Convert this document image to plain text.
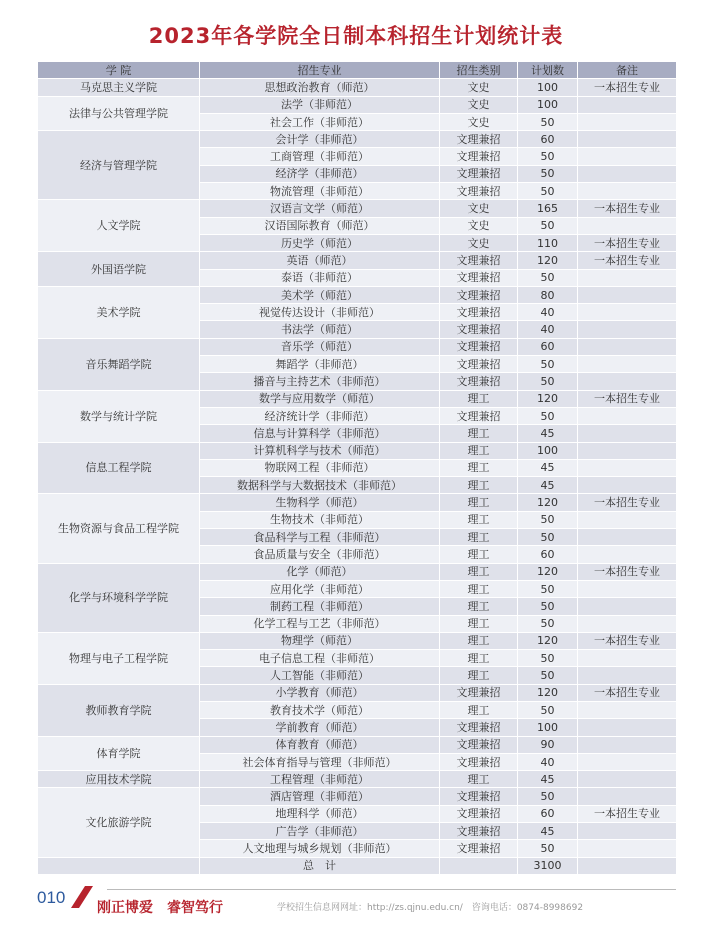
2023年各学院全日制本科招生计划统计表
学 院	招生专业	招生类别	计划数	备注
马克思主义学院	思想政治教育（师范）	文史	100	一本招生专业
法律与公共管理学院	法学（非师范）	文史	100	
	社会工作（非师范）	文史	50	
经济与管理学院	会计学（非师范）	文理兼招	60	
	工商管理（非师范）	文理兼招	50	
	经济学（非师范）	文理兼招	50	
	物流管理（非师范）	文理兼招	50	
人文学院	汉语言文学（师范）	文史	165	一本招生专业
	汉语国际教育（师范）	文史	50	
	历史学（师范）	文史	110	一本招生专业
外国语学院	英语（师范）	文理兼招	120	一本招生专业
	泰语（非师范）	文理兼招	50	
美术学院	美术学（师范）	文理兼招	80	
	视觉传达设计（非师范）	文理兼招	40	
	书法学（师范）	文理兼招	40	
音乐舞蹈学院	音乐学（师范）	文理兼招	60	
	舞蹈学（非师范）	文理兼招	50	
	播音与主持艺术（非师范）	文理兼招	50	
数学与统计学院	数学与应用数学（师范）	理工	120	一本招生专业
	经济统计学（非师范）	文理兼招	50	
	信息与计算科学（非师范）	理工	45	
信息工程学院	计算机科学与技术（师范）	理工	100	
	物联网工程（非师范）	理工	45	
	数据科学与大数据技术（非师范）	理工	45	
生物资源与食品工程学院	生物科学（师范）	理工	120	一本招生专业
	生物技术（非师范）	理工	50	
	食品科学与工程（非师范）	理工	50	
	食品质量与安全（非师范）	理工	60	
化学与环境科学学院	化学（师范）	理工	120	一本招生专业
	应用化学（非师范）	理工	50	
	制药工程（非师范）	理工	50	
	化学工程与工艺（非师范）	理工	50	
物理与电子工程学院	物理学（师范）	理工	120	一本招生专业
	电子信息工程（非师范）	理工	50	
	人工智能（非师范）	理工	50	
教师教育学院	小学教育（师范）	文理兼招	120	一本招生专业
	教育技术学（师范）	理工	50	
	学前教育（师范）	文理兼招	100	
体育学院	体育教育（师范）	文理兼招	90	
	社会体育指导与管理（非师范）	文理兼招	40	
应用技术学院	工程管理（非师范）	理工	45	
文化旅游学院	酒店管理（非师范）	文理兼招	50	
	地理科学（师范）	文理兼招	60	一本招生专业
	广告学（非师范）	文理兼招	45	
	人文地理与城乡规划（非师范）	文理兼招	50	
	总　计		3100	
010
刚正博爱　睿智笃行	学校招生信息网网址：http://zs.qjnu.edu.cn/　咨询电话：0874-8998692
